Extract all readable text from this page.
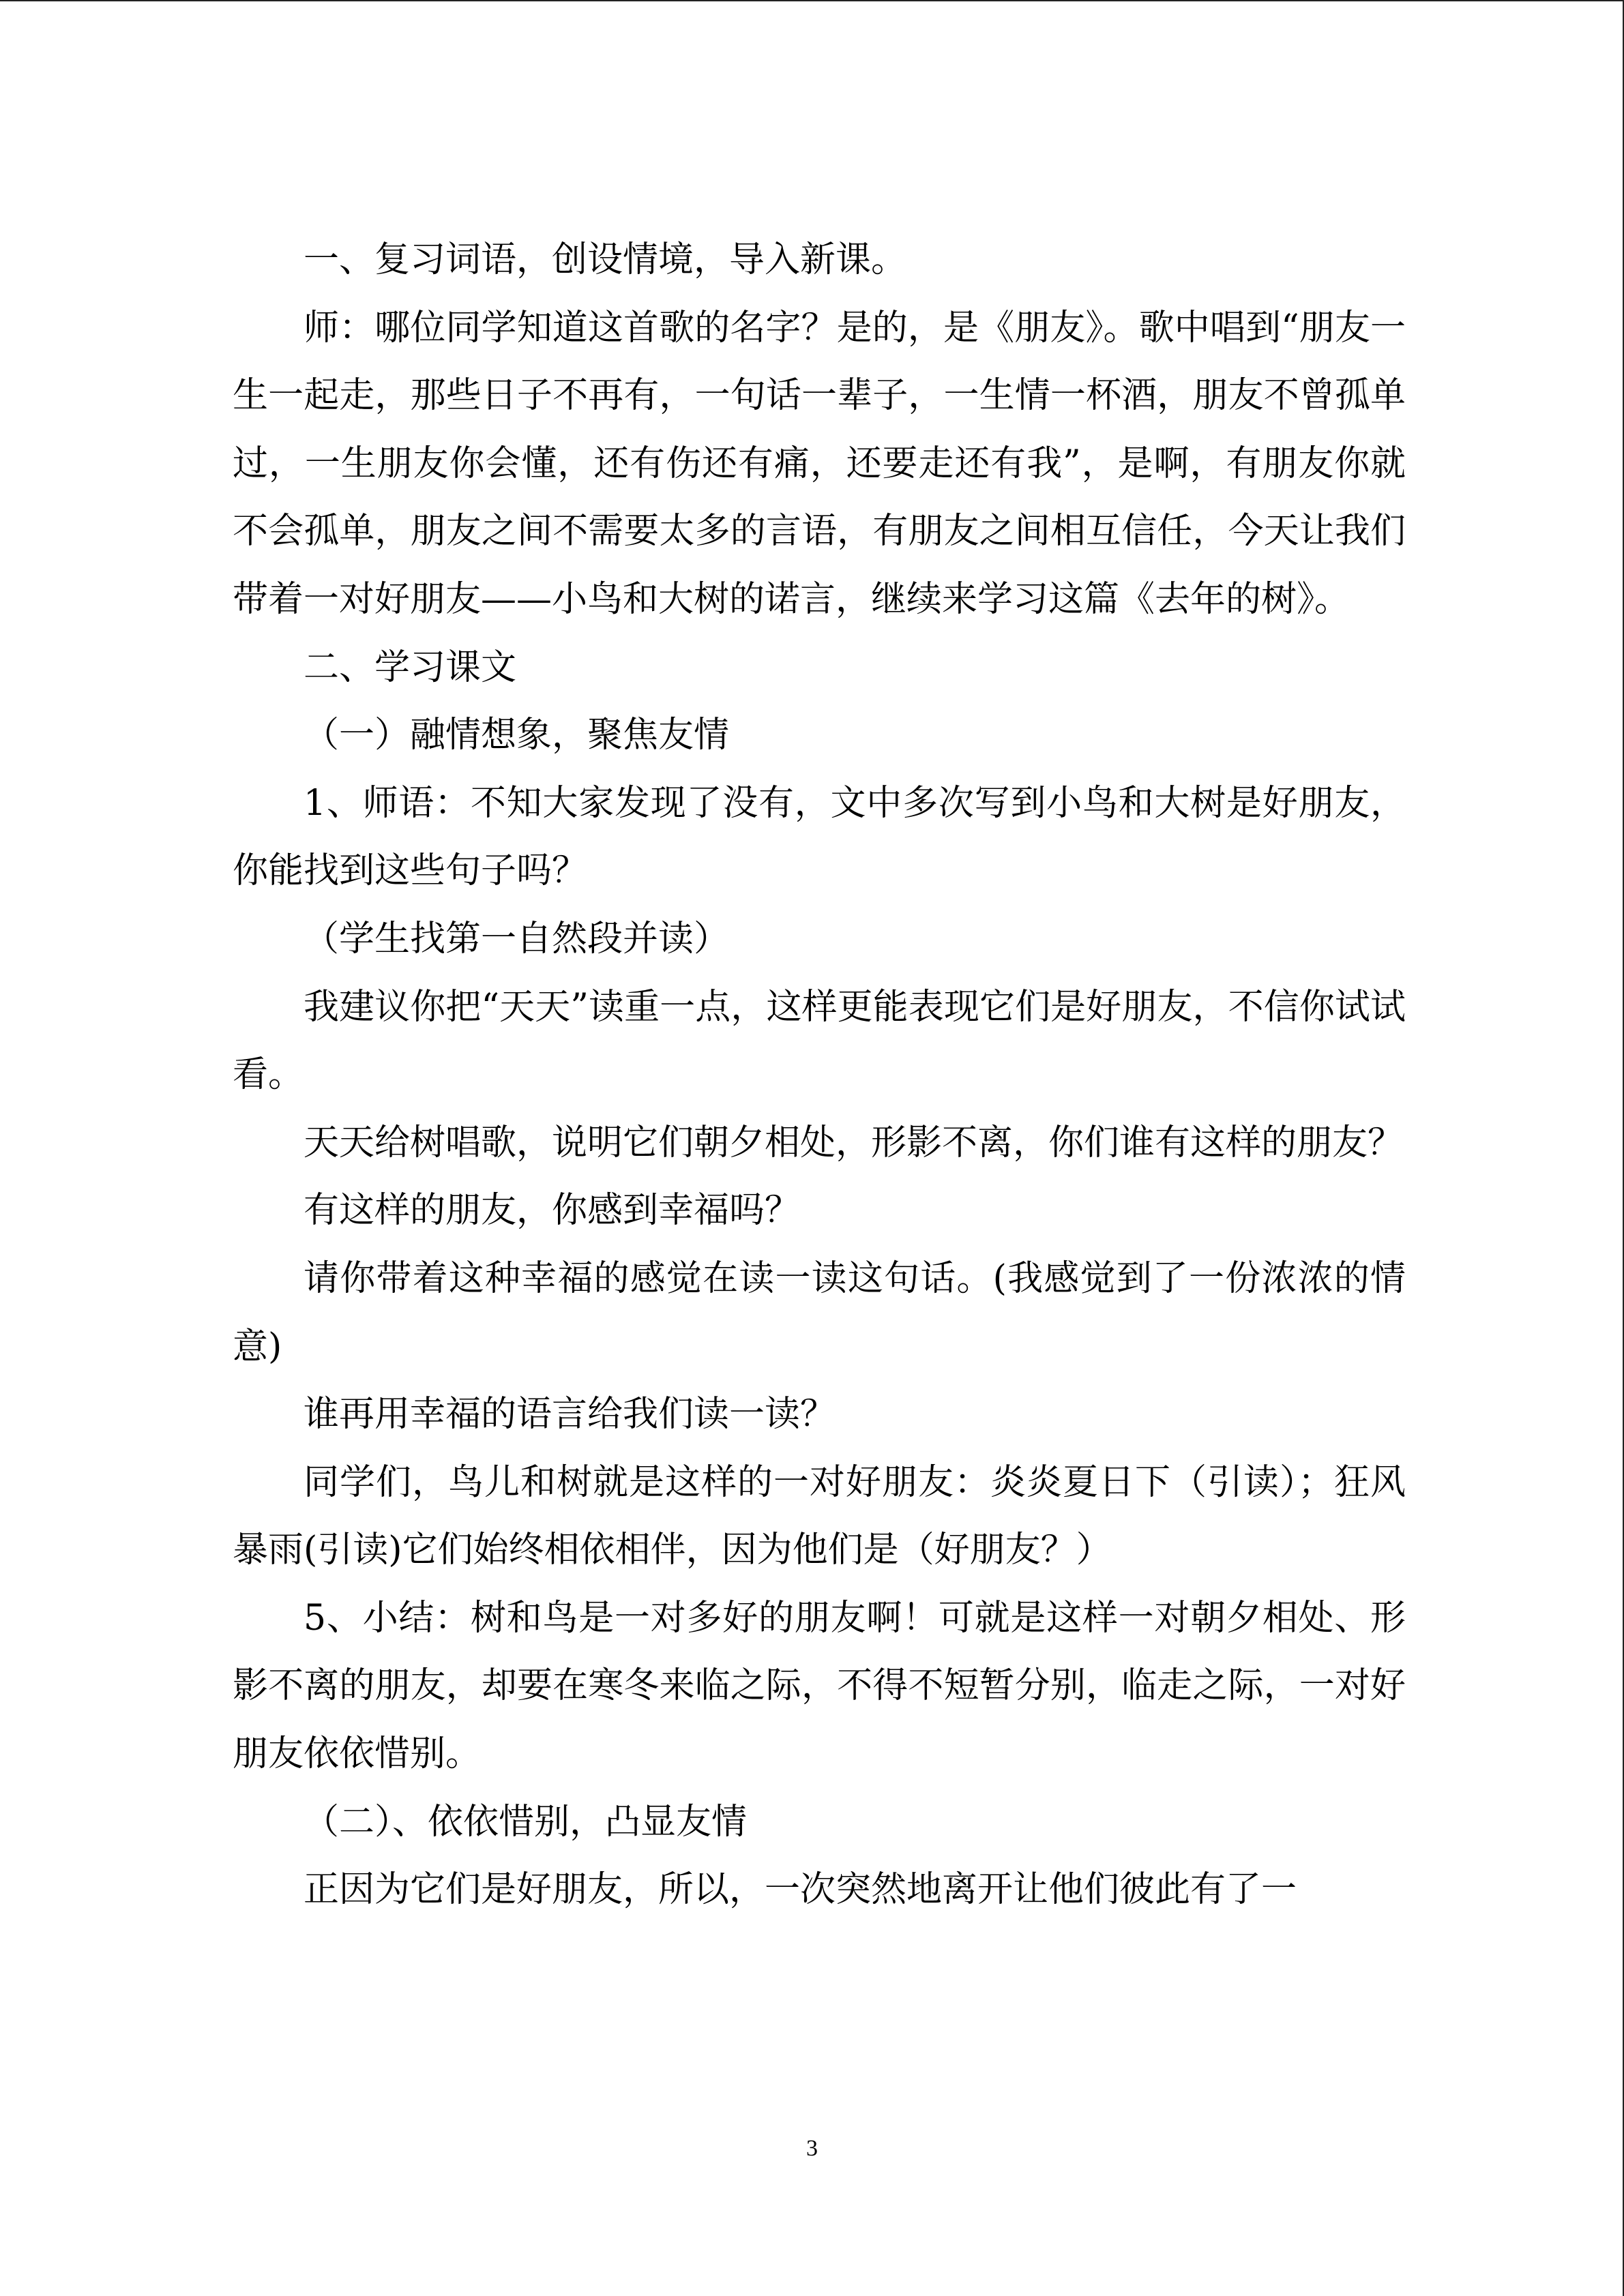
一、复习词语，创设情境，导入新课。

师：哪位同学知道这首歌的名字？是的，是《朋友》。歌中唱到“朋友一生一起走，那些日子不再有，一句话一辈子，一生情一杯酒，朋友不曾孤单过，一生朋友你会懂，还有伤还有痛，还要走还有我”，是啊，有朋友你就不会孤单，朋友之间不需要太多的言语，有朋友之间相互信任，今天让我们带着一对好朋友——小鸟和大树的诺言，继续来学习这篇《去年的树》。

二、学习课文

（一）融情想象，聚焦友情

1、师语：不知大家发现了没有，文中多次写到小鸟和大树是好朋友，你能找到这些句子吗？

（学生找第一自然段并读）

我建议你把“天天”读重一点，这样更能表现它们是好朋友，不信你试试看。

天天给树唱歌，说明它们朝夕相处，形影不离，你们谁有这样的朋友？

有这样的朋友，你感到幸福吗？

请你带着这种幸福的感觉在读一读这句话。(我感觉到了一份浓浓的情意)

谁再用幸福的语言给我们读一读？

同学们，鸟儿和树就是这样的一对好朋友：炎炎夏日下（引读）；狂风暴雨(引读)它们始终相依相伴，因为他们是（好朋友？）

5、小结：树和鸟是一对多好的朋友啊！可就是这样一对朝夕相处、形影不离的朋友，却要在寒冬来临之际，不得不短暂分别，临走之际，一对好朋友依依惜别。

（二）、依依惜别，凸显友情

正因为它们是好朋友，所以，一次突然地离开让他们彼此有了一

3
